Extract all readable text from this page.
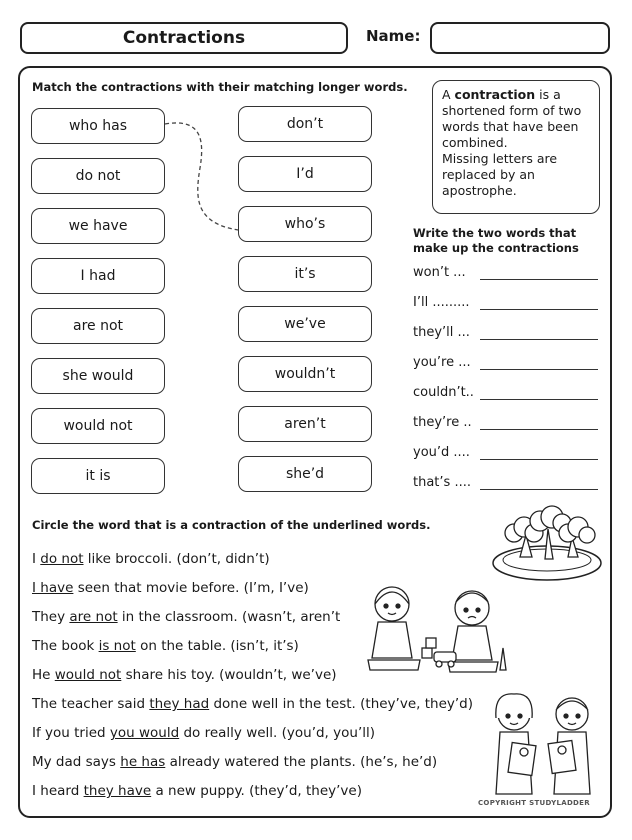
Contractions	Name:
Match the contractions with their matching longer words.
who has
do not
we have
I had
are not
she would
would not
it is
don’t
I’d
who’s
it’s
we’ve
wouldn’t
aren’t
she’d
A contraction is a shortened form of two words that have been combined.
Missing letters are replaced by an apostrophe.
Write the two words that make up the contractions
won’t ...
I’ll .........
they’ll ...
you’re ...
couldn’t..
they’re ..
you’d ....
that’s ....
Circle the word that is a contraction of the underlined words.
I do not like broccoli. (don’t, didn’t)
I have seen that movie before. (I’m, I’ve)
They are not in the classroom. (wasn’t, aren’t
The book is not on the table. (isn’t, it’s)
He would not share his toy. (wouldn’t, we’ve)
The teacher said they had done well in the test. (they’ve, they’d)
If you tried you would do really well. (you’d, you’ll)
My dad says he has already watered the plants. (he’s, he’d)
I heard they have a new puppy. (they’d, they’ve)
COPYRIGHT STUDYLADDER
